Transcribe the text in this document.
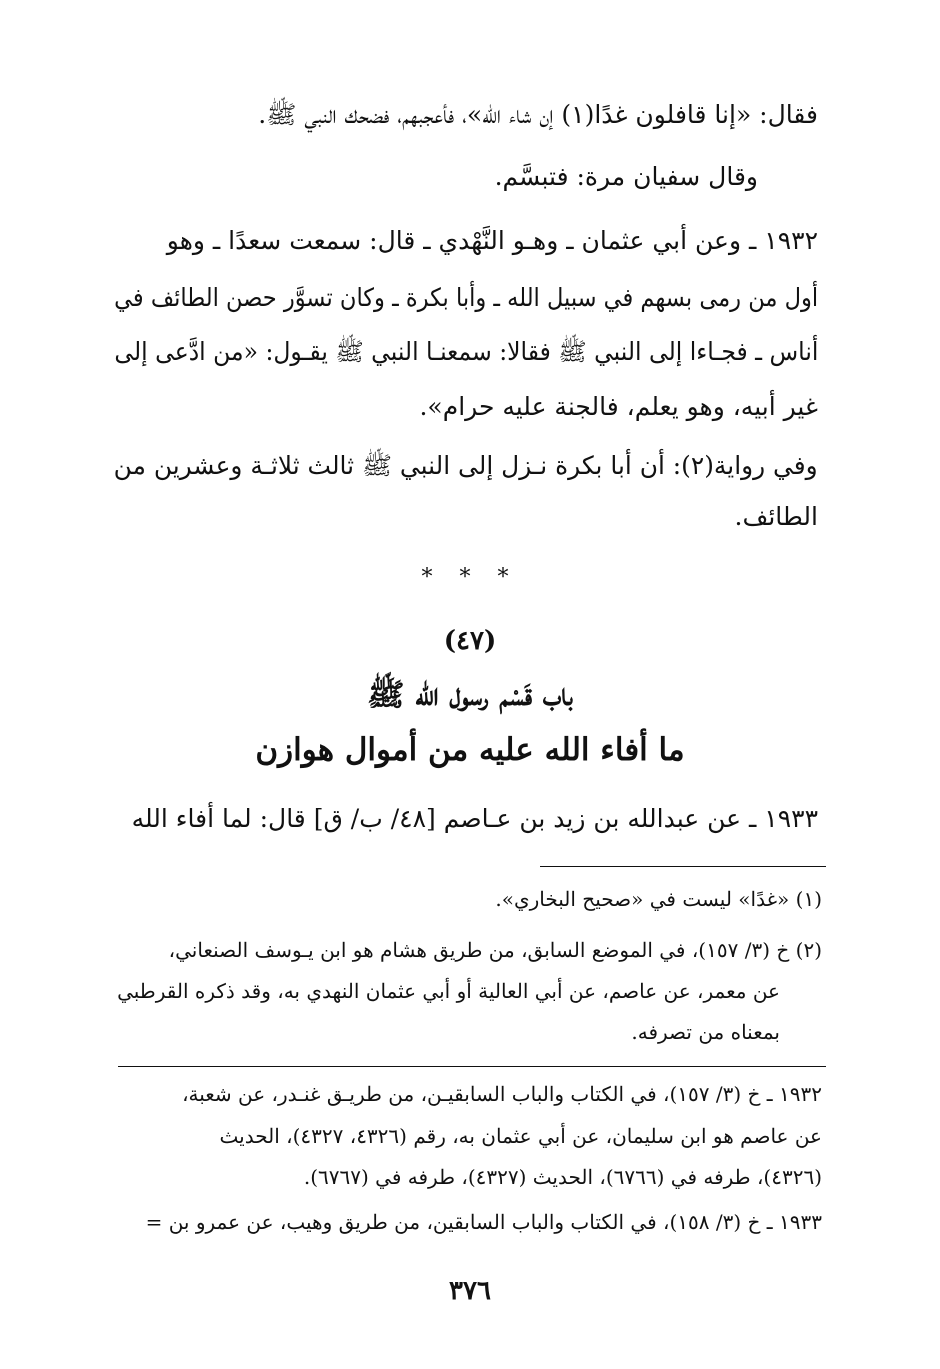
فقال: «إنا قافلون غدًا(١) إن شاء الله»، فأعجبهم، فضحك النبي ﷺ.
وقال سفيان مرة: فتبسَّم.
١٩٣٢ ـ وعن أبي عثمان ـ وهـو النَّهْدي ـ قال: سمعت سعدًا ـ وهو
أول من رمى بسهم في سبيل الله ـ وأبا بكرة ـ وكان تسوَّر حصن الطائف في
أناس ـ فجـاءا إلى النبي ﷺ فقالا: سمعنـا النبي ﷺ يقـول: «من ادَّعى إلى
غير أبيه، وهو يعلم، فالجنة عليه حرام».
وفي رواية(٢): أن أبا بكرة نـزل إلى النبي ﷺ ثالث ثلاثـة وعشرين من
الطائف.
* * *
(٤٧)
باب قَسْم رسول الله ﷺ
ما أفاء الله عليه من أموال هوازن
١٩٣٣ ـ عن عبدالله بن زيد بن عـاصم [٤٨/ ب/ ق] قال: لما أفاء الله
(١) «غدًا» ليست في «صحيح البخاري».
(٢) خ (٣/ ١٥٧)، في الموضع السابق، من طريق هشام هو ابن يـوسف الصنعاني،
عن معمر، عن عاصم، عن أبي العالية أو أبي عثمان النهدي به، وقد ذكره القرطبي
بمعناه من تصرفه.
١٩٣٢ ـ خ (٣/ ١٥٧)، في الكتاب والباب السابقيـن، من طريـق غنـدر، عن شعبة،
عن عاصم هو ابن سليمان، عن أبي عثمان به، رقم (٤٣٢٦، ٤٣٢٧)، الحديث
(٤٣٢٦)، طرفه في (٦٧٦٦)، الحديث (٤٣٢٧)، طرفه في (٦٧٦٧).
١٩٣٣ ـ خ (٣/ ١٥٨)، في الكتاب والباب السابقين، من طريق وهيب، عن عمرو بن =
٣٧٦
